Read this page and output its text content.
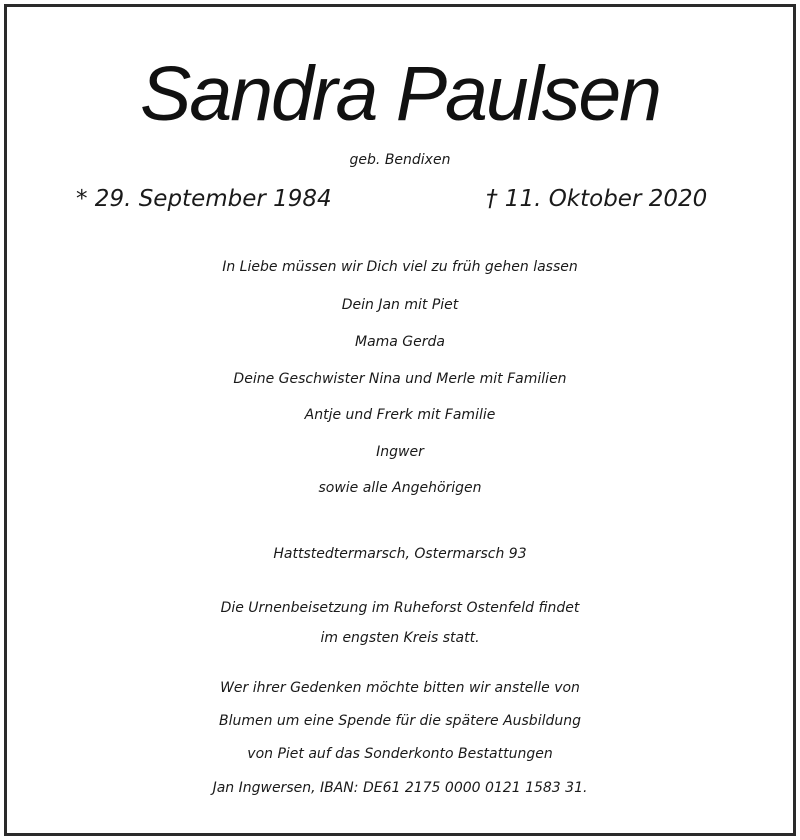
Sandra Paulsen
geb. Bendixen
* 29. September 1984	† 11. Oktober 2020
In Liebe müssen wir Dich viel zu früh gehen lassen
Dein Jan mit Piet
Mama Gerda
Deine Geschwister Nina und Merle mit Familien
Antje und Frerk mit Familie
Ingwer
sowie alle Angehörigen
Hattstedtermarsch, Ostermarsch 93
Die Urnenbeisetzung im Ruheforst Ostenfeld findet
im engsten Kreis statt.
Wer ihrer Gedenken möchte bitten wir anstelle von
Blumen um eine Spende für die spätere Ausbildung
von Piet auf das Sonderkonto Bestattungen
Jan Ingwersen, IBAN: DE61 2175 0000 0121 1583 31.
